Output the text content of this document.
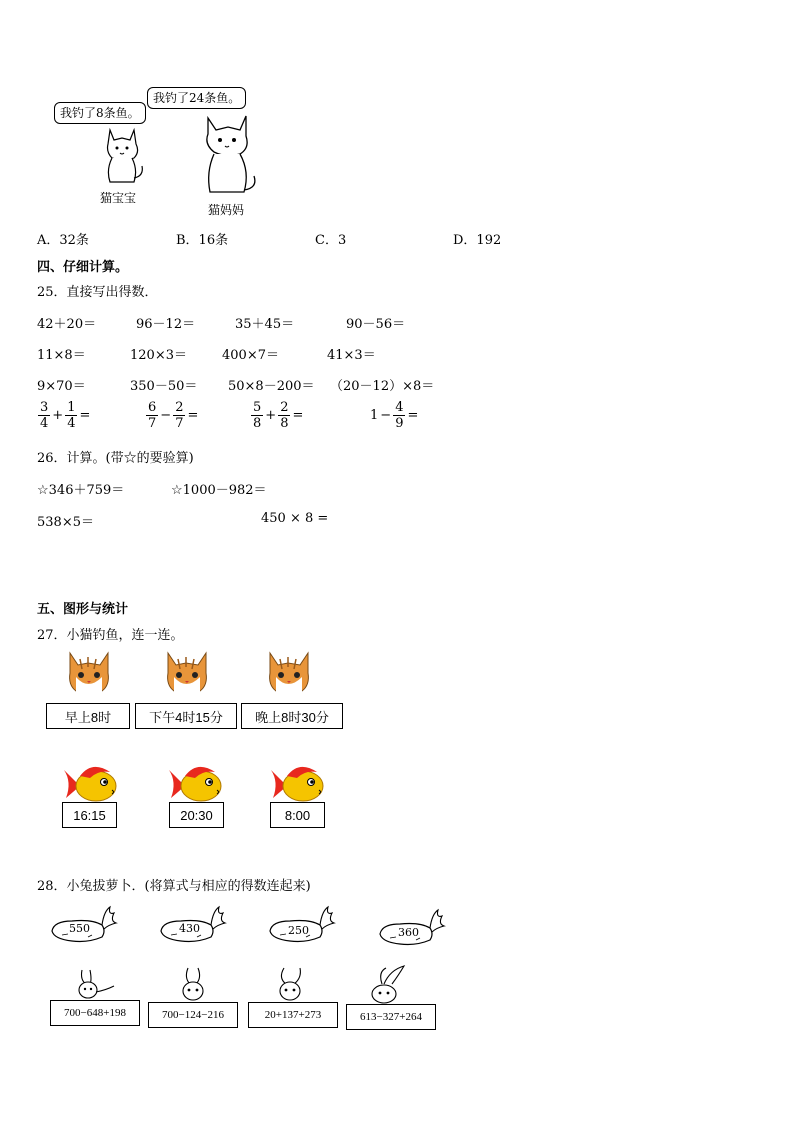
我钓了8条鱼。
我钓了24条鱼。
猫宝宝
猫妈妈
A．32条	B．16条	C．3	D．192
四、仔细计算。
25．直接写出得数．
42＋20＝	96－12＝	35＋45＝	90－56＝
11×8＝	120×3＝	400×7＝	41×3＝
9×70＝	350－50＝ 50×8－200＝ （20－12）×8＝
$\frac{3}{4} + \frac{1}{4}$ =	$\frac{6}{7} - \frac{2}{7}$ =	$\frac{5}{8} + \frac{2}{8}$ =	$1 - \frac{4}{9}$ =
26．计算。(带☆的要验算)
☆346＋759＝	☆1000－982＝
538×5＝	450 × 8 =
五、图形与统计
27．小猫钓鱼，连一连。
早上8时	下午4时15分 晚上8时30分
16:15	20:30	8:00
28．小兔拔萝卜．(将算式与相应的得数连起来)
550	430	250	360
700−648+198	700−124−216	20+137+273	613−327+264
